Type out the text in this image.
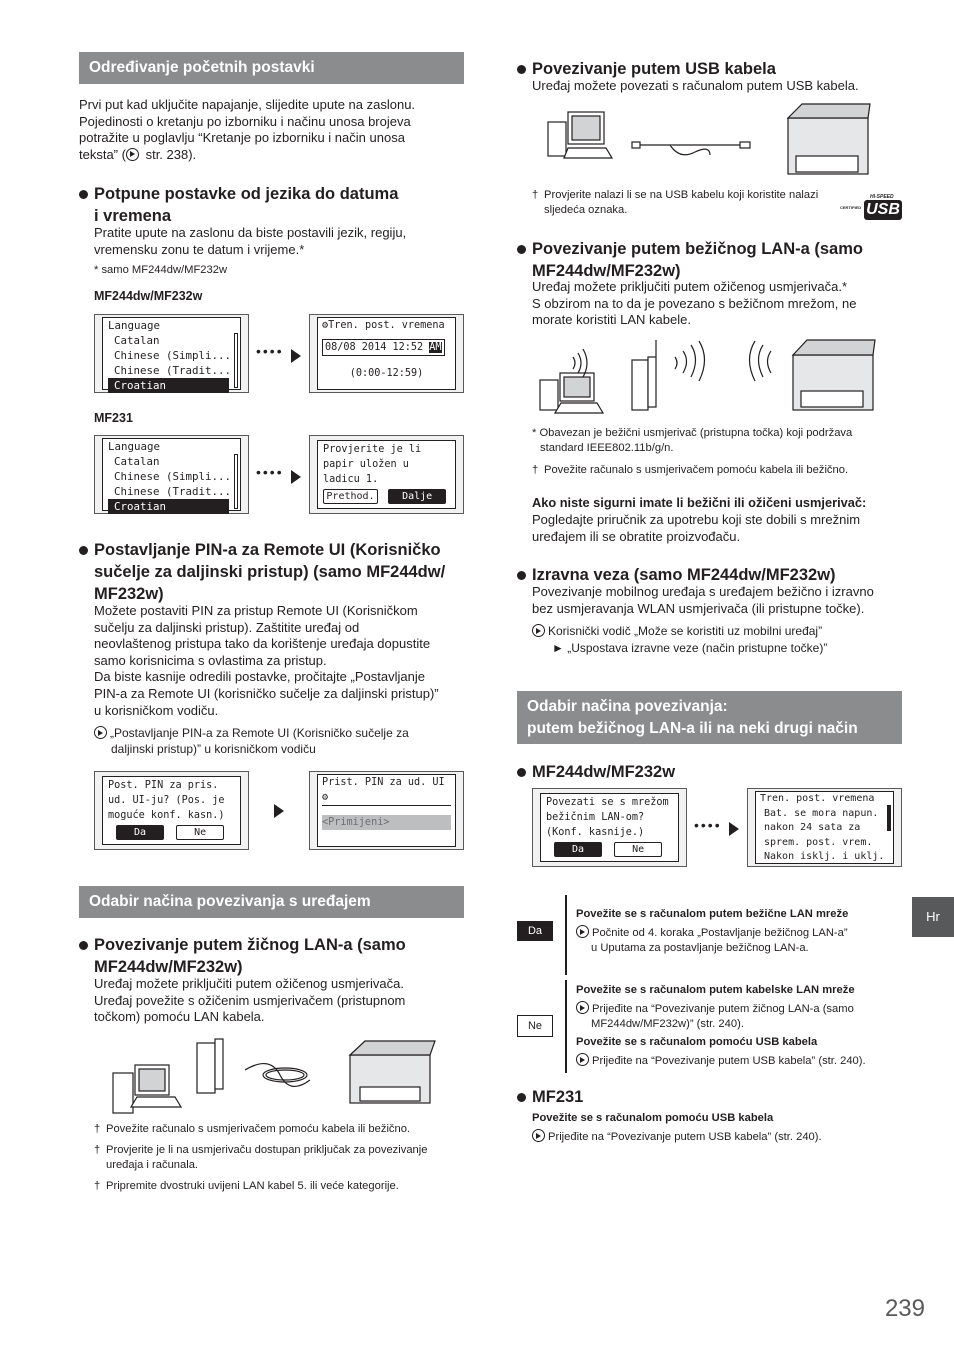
Određivanje početnih postavki
Prvi put kad uključite napajanje, slijedite upute na zaslonu.
Pojedinosti o kretanju po izborniku i načinu unosa brojeva
potražite u poglavlju “Kretanje po izborniku i način unosa
teksta” ( str. 238).
Potpune postavke od jezika do datuma
i vremena
Pratite upute na zaslonu da biste postavili jezik, regiju,
vremensku zonu te datum i vrijeme.*
* samo MF244dw/MF232w
MF244dw/MF232w
Language
Catalan
Chinese (Simpli...
Chinese (Tradit...
Croatian
••••
⚙Tren. post. vremena
08/08 2014 12:52 AM
(0:00-12:59)
MF231
Language
Catalan
Chinese (Simpli...
Chinese (Tradit...
Croatian
••••
Provjerite je li
papir uložen u
ladicu 1.
Prethod.	Dalje
Postavljanje PIN-a za Remote UI (Korisničko
sučelje za daljinski pristup) (samo MF244dw/
MF232w)
Možete postaviti PIN za pristup Remote UI (Korisničkom
sučelju za daljinski pristup). Zaštitite uređaj od
neovlaštenog pristupa tako da korištenje uređaja dopustite
samo korisnicima s ovlastima za pristup.
Da biste kasnije odredili postavke, pročitajte „Postavljanje
PIN-a za Remote UI (korisničko sučelje za daljinski pristup)”
u korisničkom vodiču.
„Postavljanje PIN-a za Remote UI (Korisničko sučelje za
daljinski pristup)” u korisničkom vodiču
Post. PIN za pris.
ud. UI-ju? (Pos. je
moguće konf. kasn.)
Da	Ne
Prist. PIN za ud. UI
⚙
<Primijeni>
Odabir načina povezivanja s uređajem
Povezivanje putem žičnog LAN-a (samo
MF244dw/MF232w)
Uređaj možete priključiti putem ožičenog usmjerivača.
Uređaj povežite s ožičenim usmjerivačem (pristupnom
točkom) pomoću LAN kabela.
† Povežite računalo s usmjerivačem pomoću kabela ili bežično.
† Provjerite je li na usmjerivaču dostupan priključak za povezivanje
uređaja i računala.
† Pripremite dvostruki uvijeni LAN kabel 5. ili veće kategorije.
Povezivanje putem USB kabela
Uređaj možete povezati s računalom putem USB kabela.
† Provjerite nalazi li se na USB kabelu koji koristite nalazi
sljedeća oznaka.
HI-SPEED
CERTIFIED USB
Povezivanje putem bežičnog LAN-a (samo
MF244dw/MF232w)
Uređaj možete priključiti putem ožičenog usmjerivača.*
S obzirom na to da je povezano s bežičnom mrežom, ne
morate koristiti LAN kabele.
* Obavezan je bežični usmjerivač (pristupna točka) koji podržava
standard IEEE802.11b/g/n.
† Povežite računalo s usmjerivačem pomoću kabela ili bežično.
Ako niste sigurni imate li bežični ili ožičeni usmjerivač:
Pogledajte priručnik za upotrebu koji ste dobili s mrežnim
uređajem ili se obratite proizvođaču.
Izravna veza (samo MF244dw/MF232w)
Povezivanje mobilnog uređaja s uređajem bežično i izravno
bez usmjeravanja WLAN usmjerivača (ili pristupne točke).
Korisnički vodič „Može se koristiti uz mobilni uređaj”
► „Uspostava izravne veze (način pristupne točke)”
Odabir načina povezivanja:
putem bežičnog LAN-a ili na neki drugi način
MF244dw/MF232w
Povezati se s mrežom
bežičnim LAN-om?
(Konf. kasnije.)
Da	Ne
••••
Tren. post. vremena
Bat. se mora napun.
nakon 24 sata za
sprem. post. vrem.
Nakon isklj. i uklj.
Da
Ne
Povežite se s računalom putem bežične LAN mreže
Počnite od 4. koraka „Postavljanje bežičnog LAN-a”
u Uputama za postavljanje bežičnog LAN-a.
Povežite se s računalom putem kabelske LAN mreže
Prijeđite na “Povezivanje putem žičnog LAN-a (samo
MF244dw/MF232w)” (str. 240).
Povežite se s računalom pomoću USB kabela
Prijeđite na “Povezivanje putem USB kabela” (str. 240).
MF231
Povežite se s računalom pomoću USB kabela
Prijeđite na “Povezivanje putem USB kabela” (str. 240).
Hr
239
